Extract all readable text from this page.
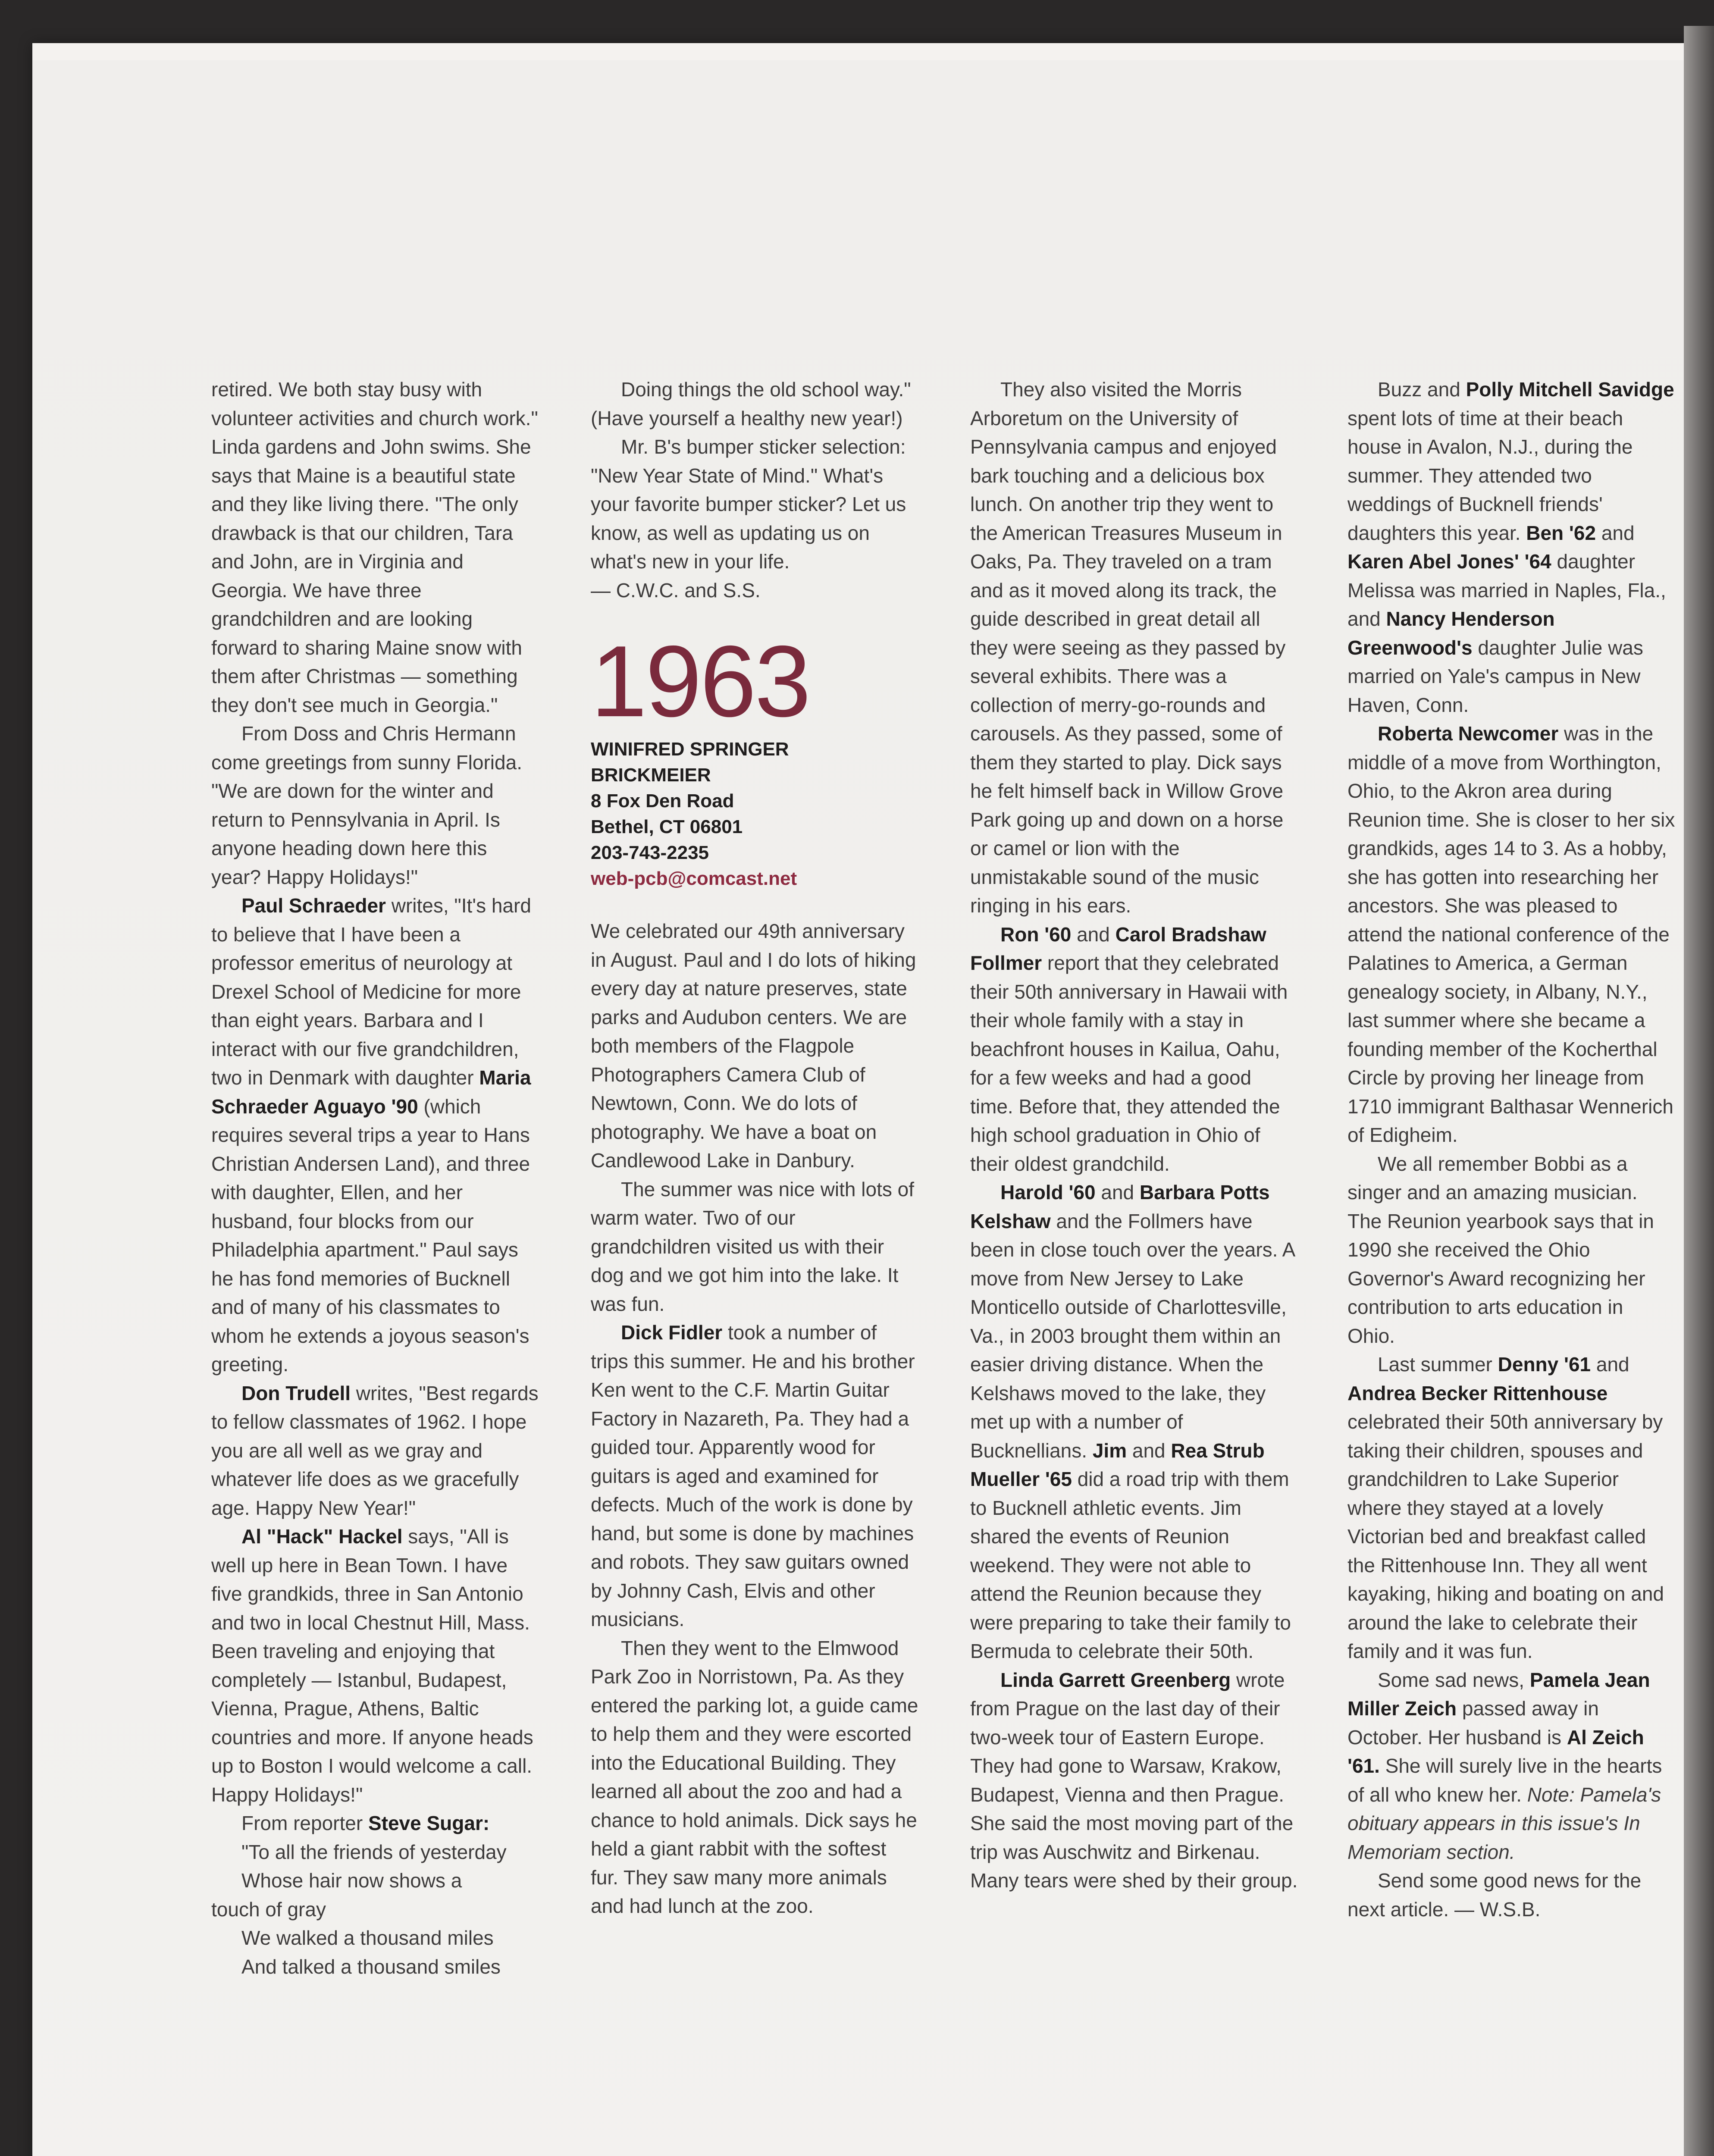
retired. We both stay busy with volunteer activities and church work." Linda gardens and John swims. She says that Maine is a beautiful state and they like living there. "The only drawback is that our children, Tara and John, are in Virginia and Georgia. We have three grandchildren and are looking forward to sharing Maine snow with them after Christmas — something they don't see much in Georgia."

From Doss and Chris Hermann come greetings from sunny Florida. "We are down for the winter and return to Pennsylvania in April. Is anyone heading down here this year? Happy Holidays!"

Paul Schraeder writes, "It's hard to believe that I have been a professor emeritus of neurology at Drexel School of Medicine for more than eight years. Barbara and I interact with our five grandchildren, two in Denmark with daughter Maria Schraeder Aguayo '90 (which requires several trips a year to Hans Christian Andersen Land), and three with daughter, Ellen, and her husband, four blocks from our Philadelphia apartment." Paul says he has fond memories of Bucknell and of many of his classmates to whom he extends a joyous season's greeting.

Don Trudell writes, "Best regards to fellow classmates of 1962. I hope you are all well as we gray and whatever life does as we gracefully age. Happy New Year!"

Al "Hack" Hackel says, "All is well up here in Bean Town. I have five grandkids, three in San Antonio and two in local Chestnut Hill, Mass. Been traveling and enjoying that completely — Istanbul, Budapest, Vienna, Prague, Athens, Baltic countries and more. If anyone heads up to Boston I would welcome a call. Happy Holidays!"

From reporter Steve Sugar:

"To all the friends of yesterday

Whose hair now shows a

touch of gray

We walked a thousand miles

And talked a thousand smiles

Doing things the old school way." (Have yourself a healthy new year!)

Mr. B's bumper sticker selection: "New Year State of Mind." What's your favorite bumper sticker? Let us know, as well as updating us on what's new in your life.

— C.W.C. and S.S.

1963
WINIFRED SPRINGER
BRICKMEIER
8 Fox Den Road
Bethel, CT 06801
203-743-2235
web-pcb@comcast.net

We celebrated our 49th anniversary in August. Paul and I do lots of hiking every day at nature preserves, state parks and Audubon centers. We are both members of the Flagpole Photographers Camera Club of Newtown, Conn. We do lots of photography. We have a boat on Candlewood Lake in Danbury.

The summer was nice with lots of warm water. Two of our grandchildren visited us with their dog and we got him into the lake. It was fun.

Dick Fidler took a number of trips this summer. He and his brother Ken went to the C.F. Martin Guitar Factory in Nazareth, Pa. They had a guided tour. Apparently wood for guitars is aged and examined for defects. Much of the work is done by hand, but some is done by machines and robots. They saw guitars owned by Johnny Cash, Elvis and other musicians.

Then they went to the Elmwood Park Zoo in Norristown, Pa. As they entered the parking lot, a guide came to help them and they were escorted into the Educational Building. They learned all about the zoo and had a chance to hold animals. Dick says he held a giant rabbit with the softest fur. They saw many more animals and had lunch at the zoo.

They also visited the Morris Arboretum on the University of Pennsylvania campus and enjoyed bark touching and a delicious box lunch. On another trip they went to the American Treasures Museum in Oaks, Pa. They traveled on a tram and as it moved along its track, the guide described in great detail all they were seeing as they passed by several exhibits. There was a collection of merry-go-rounds and carousels. As they passed, some of them they started to play. Dick says he felt himself back in Willow Grove Park going up and down on a horse or camel or lion with the unmistakable sound of the music ringing in his ears.

Ron '60 and Carol Bradshaw Follmer report that they celebrated their 50th anniversary in Hawaii with their whole family with a stay in beachfront houses in Kailua, Oahu, for a few weeks and had a good time. Before that, they attended the high school graduation in Ohio of their oldest grandchild.

Harold '60 and Barbara Potts Kelshaw and the Follmers have been in close touch over the years. A move from New Jersey to Lake Monticello outside of Charlottesville, Va., in 2003 brought them within an easier driving distance. When the Kelshaws moved to the lake, they met up with a number of Bucknellians. Jim and Rea Strub Mueller '65 did a road trip with them to Bucknell athletic events. Jim shared the events of Reunion weekend. They were not able to attend the Reunion because they were preparing to take their family to Bermuda to celebrate their 50th.

Linda Garrett Greenberg wrote from Prague on the last day of their two-week tour of Eastern Europe. They had gone to Warsaw, Krakow, Budapest, Vienna and then Prague. She said the most moving part of the trip was Auschwitz and Birkenau. Many tears were shed by their group.

Buzz and Polly Mitchell Savidge spent lots of time at their beach house in Avalon, N.J., during the summer. They attended two weddings of Bucknell friends' daughters this year. Ben '62 and Karen Abel Jones' '64 daughter Melissa was married in Naples, Fla., and Nancy Henderson Greenwood's daughter Julie was married on Yale's campus in New Haven, Conn.

Roberta Newcomer was in the middle of a move from Worthington, Ohio, to the Akron area during Reunion time. She is closer to her six grandkids, ages 14 to 3. As a hobby, she has gotten into researching her ancestors. She was pleased to attend the national conference of the Palatines to America, a German genealogy society, in Albany, N.Y., last summer where she became a founding member of the Kocherthal Circle by proving her lineage from 1710 immigrant Balthasar Wennerich of Edigheim.

We all remember Bobbi as a singer and an amazing musician. The Reunion yearbook says that in 1990 she received the Ohio Governor's Award recognizing her contribution to arts education in Ohio.

Last summer Denny '61 and Andrea Becker Rittenhouse celebrated their 50th anniversary by taking their children, spouses and grandchildren to Lake Superior where they stayed at a lovely Victorian bed and breakfast called the Rittenhouse Inn. They all went kayaking, hiking and boating on and around the lake to celebrate their family and it was fun.

Some sad news, Pamela Jean Miller Zeich passed away in October. Her husband is Al Zeich '61. She will surely live in the hearts of all who knew her. Note: Pamela's obituary appears in this issue's In Memoriam section.

Send some good news for the next article. — W.S.B.
